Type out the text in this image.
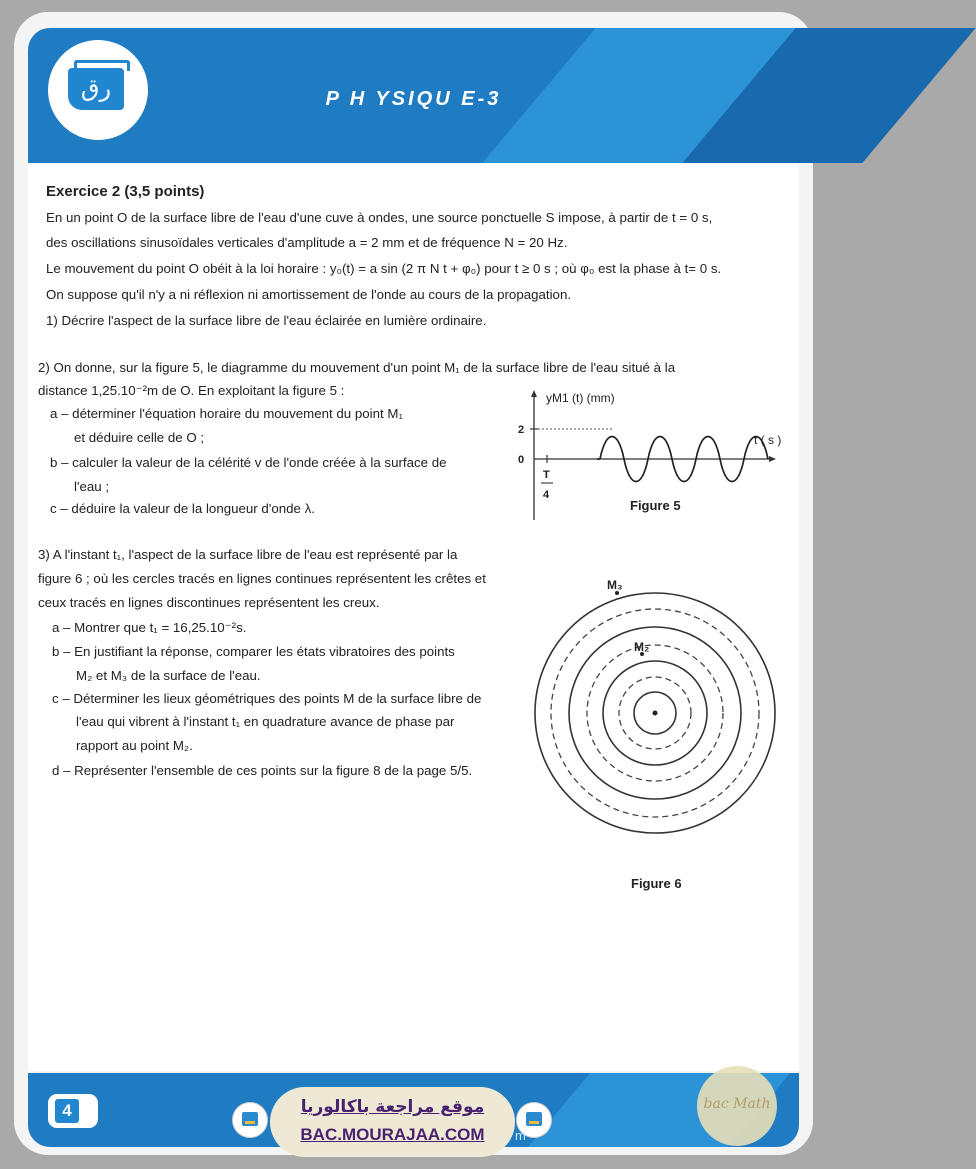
رق	P H YSIQU E-3
Exercice 2 (3,5 points)
En un point O de la surface libre de l'eau d'une cuve à ondes, une source ponctuelle S impose, à partir de t = 0 s,
des oscillations sinusoïdales verticales d'amplitude a = 2 mm et de fréquence N = 20 Hz.
Le mouvement du point O obéit à la loi horaire : y₀(t) = a sin (2 π N t + φ₀) pour t ≥ 0 s ; où φ₀ est la phase à t= 0 s.
On suppose qu'il n'y a ni réflexion ni amortissement de l'onde au cours de la propagation.
1) Décrire l'aspect de la surface libre de l'eau éclairée en lumière ordinaire.
2) On donne, sur la figure 5, le diagramme du mouvement d'un point M₁ de la surface libre de l'eau situé à la
distance 1,25.10⁻²m de O. En exploitant la figure 5 :
a – déterminer l'équation horaire du mouvement du point M₁
et déduire celle de O ;
b – calculer la valeur de la célérité v de l'onde créée à la surface de
l'eau ;
c – déduire la valeur de la longueur d'onde λ.
yM1 (t) (mm)
t ( s )
2
0
T
4
Figure 5
3) A l'instant t₁, l'aspect de la surface libre de l'eau est représenté par la
figure 6 ; où les cercles tracés en lignes continues représentent les crêtes et
ceux tracés en lignes discontinues représentent les creux.
a – Montrer que t₁ = 16,25.10⁻²s.
b – En justifiant la réponse, comparer les états vibratoires des points
M₂ et M₃ de la surface de l'eau.
c – Déterminer les lieux géométriques des points M de la surface libre de
l'eau qui vibrent à l'instant t₁ en quadrature avance de phase par
rapport au point M₂.
d – Représenter l'ensemble de ces points sur la figure 8 de la page 5/5.
M₃
M₂
Figure 6
4	موقع مراجعة باكالوريا
BAC.MOURAJAA.COM	m
bac Math
